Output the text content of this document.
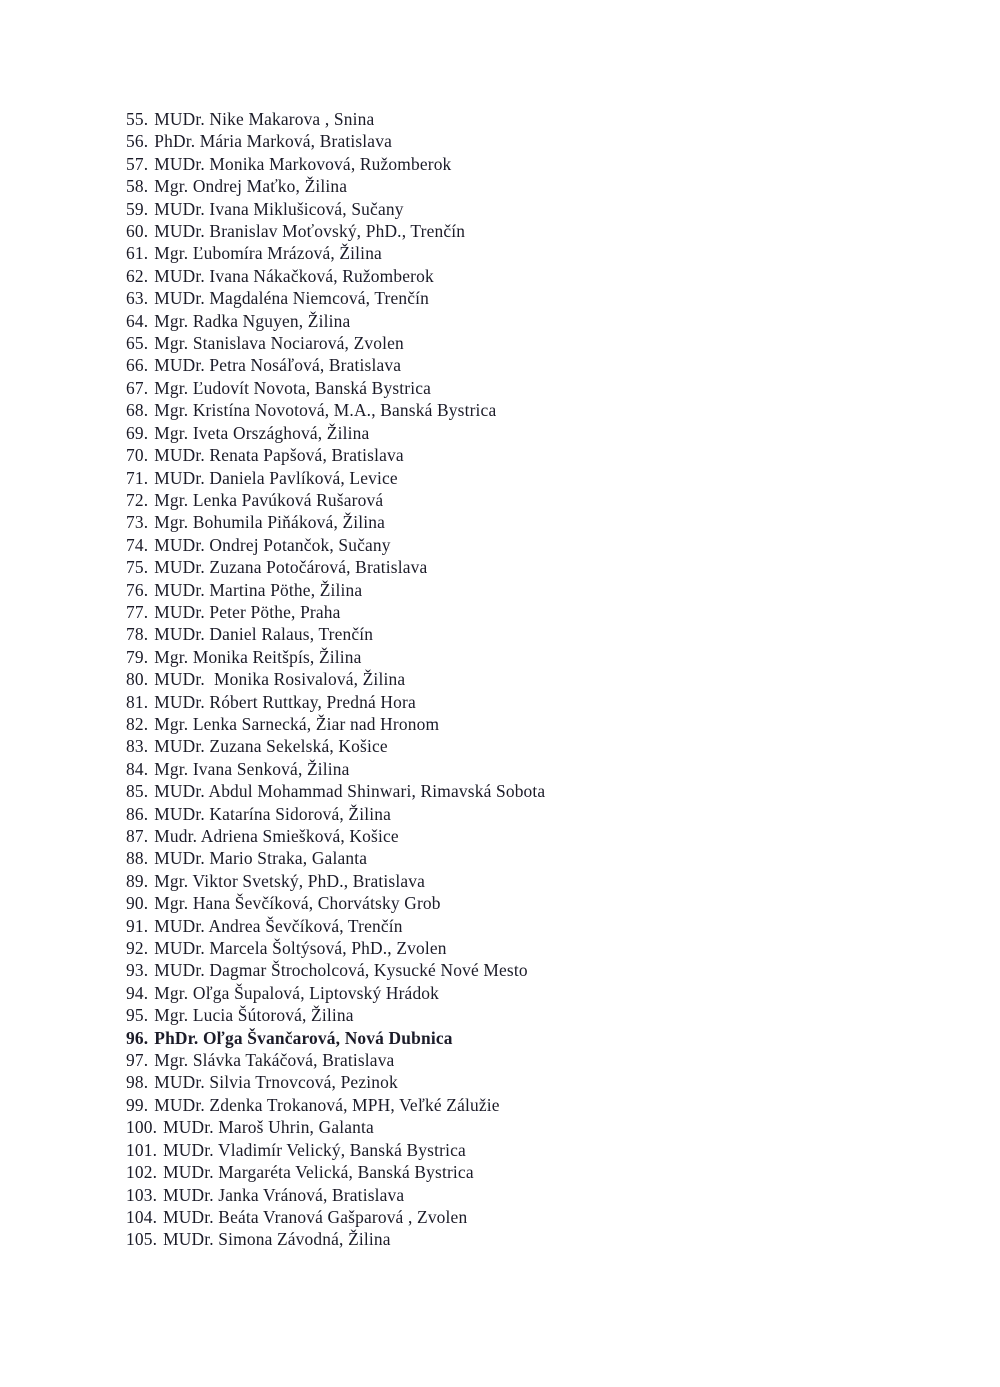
55. MUDr. Nike Makarova , Snina
56. PhDr. Mária Marková, Bratislava
57. MUDr. Monika Markovová, Ružomberok
58. Mgr. Ondrej Maťko, Žilina
59. MUDr. Ivana Miklušicová, Sučany
60. MUDr. Branislav Moťovský, PhD., Trenčín
61. Mgr. Ľubomíra Mrázová, Žilina
62. MUDr. Ivana Nákačková, Ružomberok
63. MUDr. Magdaléna Niemcová, Trenčín
64. Mgr. Radka Nguyen, Žilina
65. Mgr. Stanislava Nociarová, Zvolen
66. MUDr. Petra Nosáľová, Bratislava
67. Mgr. Ľudovít Novota, Banská Bystrica
68. Mgr. Kristína Novotová, M.A., Banská Bystrica
69. Mgr. Iveta Országhová, Žilina
70. MUDr. Renata Papšová, Bratislava
71. MUDr. Daniela Pavlíková, Levice
72. Mgr. Lenka Pavúková Rušarová
73. Mgr. Bohumila Piňáková, Žilina
74. MUDr. Ondrej Potančok, Sučany
75. MUDr. Zuzana Potočárová, Bratislava
76. MUDr. Martina Pöthe, Žilina
77. MUDr. Peter Pöthe, Praha
78. MUDr. Daniel Ralaus, Trenčín
79. Mgr. Monika Reitšpís, Žilina
80. MUDr.  Monika Rosivalová, Žilina
81. MUDr. Róbert Ruttkay, Predná Hora
82. Mgr. Lenka Sarnecká, Žiar nad Hronom
83. MUDr. Zuzana Sekelská, Košice
84. Mgr. Ivana Senková, Žilina
85. MUDr. Abdul Mohammad Shinwari, Rimavská Sobota
86. MUDr. Katarína Sidorová, Žilina
87. Mudr. Adriena Smiešková, Košice
88. MUDr. Mario Straka, Galanta
89. Mgr. Viktor Svetský, PhD., Bratislava
90. Mgr. Hana Ševčíková, Chorvátsky Grob
91. MUDr. Andrea Ševčíková, Trenčín
92. MUDr. Marcela Šoltýsová, PhD., Zvolen
93. MUDr. Dagmar Štrocholcová, Kysucké Nové Mesto
94. Mgr. Oľga Šupalová, Liptovský Hrádok
95. Mgr. Lucia Šútorová, Žilina
96. PhDr. Oľga Švančarová, Nová Dubnica
97. Mgr. Slávka Takáčová, Bratislava
98. MUDr. Silvia Trnovcová, Pezinok
99. MUDr. Zdenka Trokanová, MPH, Veľké Zálužie
100. MUDr. Maroš Uhrin, Galanta
101. MUDr. Vladimír Velický, Banská Bystrica
102. MUDr. Margaréta Velická, Banská Bystrica
103. MUDr. Janka Vránová, Bratislava
104. MUDr. Beáta Vranová Gašparová , Zvolen
105. MUDr. Simona Závodná, Žilina
